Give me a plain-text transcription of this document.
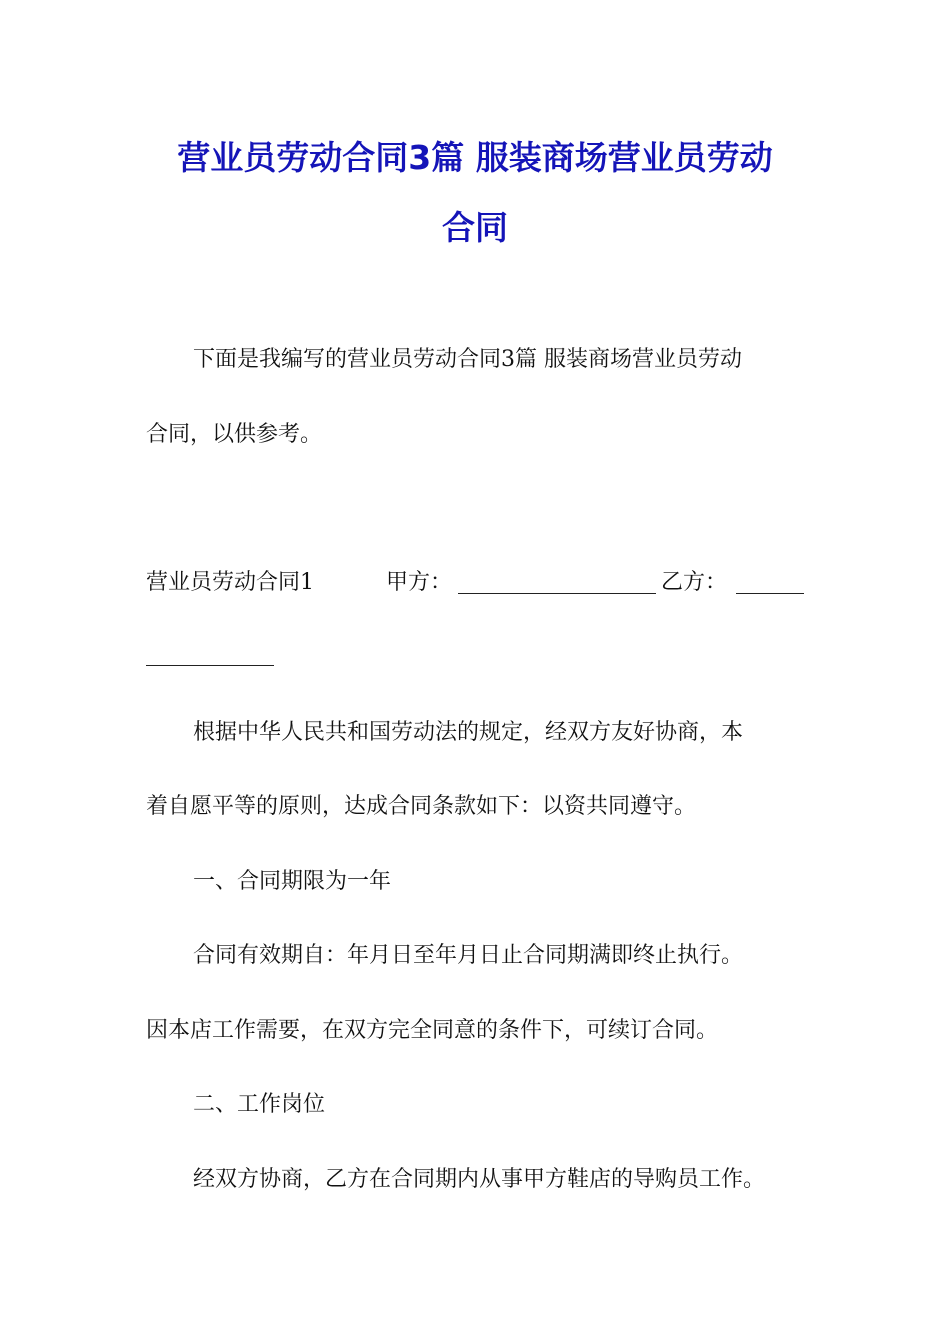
营业员劳动合同3篇 服装商场营业员劳动
合同
下面是我编写的营业员劳动合同3篇 服装商场营业员劳动
合同，以供参考。
营业员劳动合同1	甲方：	乙方：
根据中华人民共和国劳动法的规定，经双方友好协商，本
着自愿平等的原则，达成合同条款如下：以资共同遵守。
一、合同期限为一年
合同有效期自：年月日至年月日止合同期满即终止执行。
因本店工作需要，在双方完全同意的条件下，可续订合同。
二、工作岗位
经双方协商，乙方在合同期内从事甲方鞋店的导购员工作。
